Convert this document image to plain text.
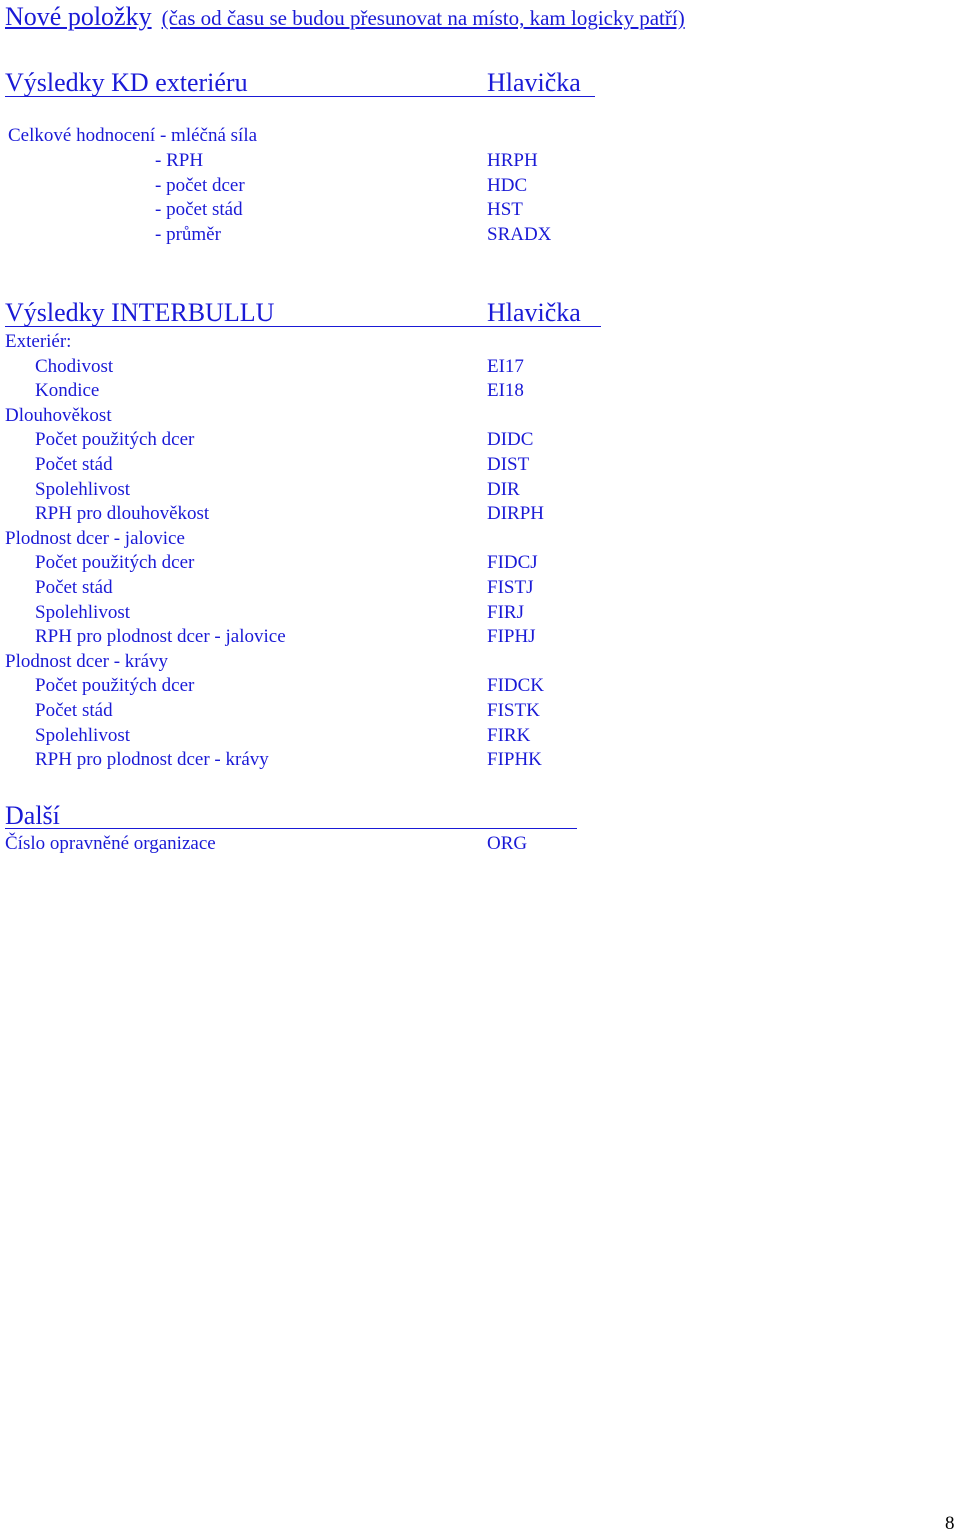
Nové položky (čas od času se budou přesunovat na místo, kam logicky patří)
Výsledky KD exteriéru	Hlavička
Celkové hodnocení - mléčná síla
- RPH	HRPH
- počet dcer	HDC
- počet stád	HST
- průměr	SRADX
Výsledky INTERBULLU	Hlavička
Exteriér:
Chodivost	EI17
Kondice	EI18
Dlouhověkost
Počet použitých dcer	DIDC
Počet stád	DIST
Spolehlivost	DIR
RPH pro dlouhověkost	DIRPH
Plodnost dcer - jalovice
Počet použitých dcer	FIDCJ
Počet stád	FISTJ
Spolehlivost	FIRJ
RPH pro plodnost dcer - jalovice	FIPHJ
Plodnost dcer - krávy
Počet použitých dcer	FIDCK
Počet stád	FISTK
Spolehlivost	FIRK
RPH pro plodnost dcer - krávy	FIPHK
Další
Číslo opravněné organizace	ORG
8
